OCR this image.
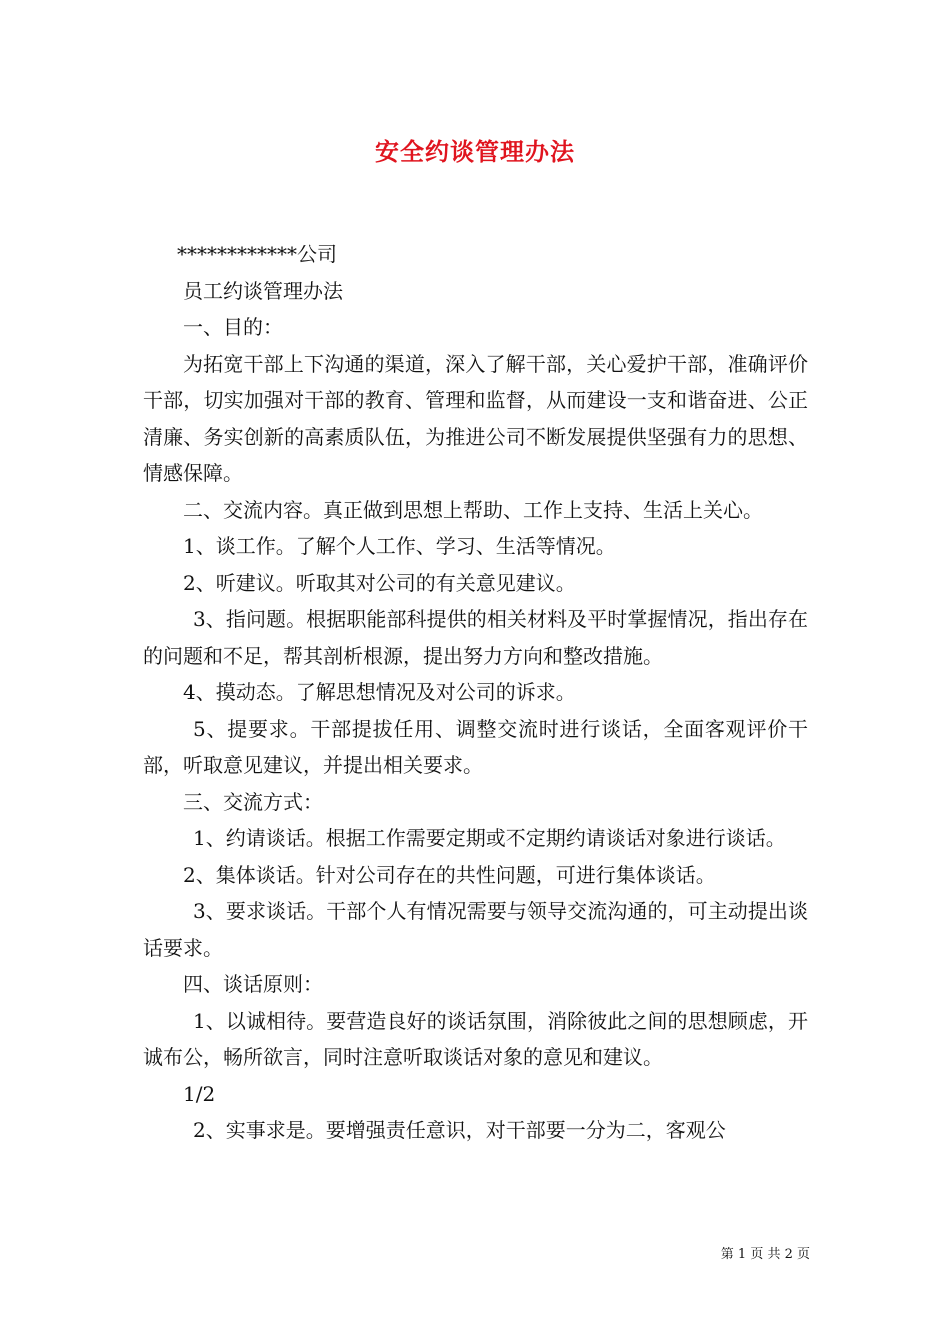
安全约谈管理办法

************公司

员工约谈管理办法

一、目的：

为拓宽干部上下沟通的渠道，深入了解干部，关心爱护干部，准确评价干部，切实加强对干部的教育、管理和监督，从而建设一支和谐奋进、公正清廉、务实创新的高素质队伍，为推进公司不断发展提供坚强有力的思想、情感保障。

二、交流内容。真正做到思想上帮助、工作上支持、生活上关心。

1、谈工作。了解个人工作、学习、生活等情况。

2、听建议。听取其对公司的有关意见建议。

3、指问题。根据职能部科提供的相关材料及平时掌握情况，指出存在的问题和不足，帮其剖析根源，提出努力方向和整改措施。

4、摸动态。了解思想情况及对公司的诉求。

5、提要求。干部提拔任用、调整交流时进行谈话，全面客观评价干部，听取意见建议，并提出相关要求。

三、交流方式：

1、约请谈话。根据工作需要定期或不定期约请谈话对象进行谈话。

2、集体谈话。针对公司存在的共性问题，可进行集体谈话。

3、要求谈话。干部个人有情况需要与领导交流沟通的，可主动提出谈话要求。

四、谈话原则：

1、以诚相待。要营造良好的谈话氛围，消除彼此之间的思想顾虑，开诚布公，畅所欲言，同时注意听取谈话对象的意见和建议。

1/2

2、实事求是。要增强责任意识，对干部要一分为二，客观公

第 1 页 共 2 页
